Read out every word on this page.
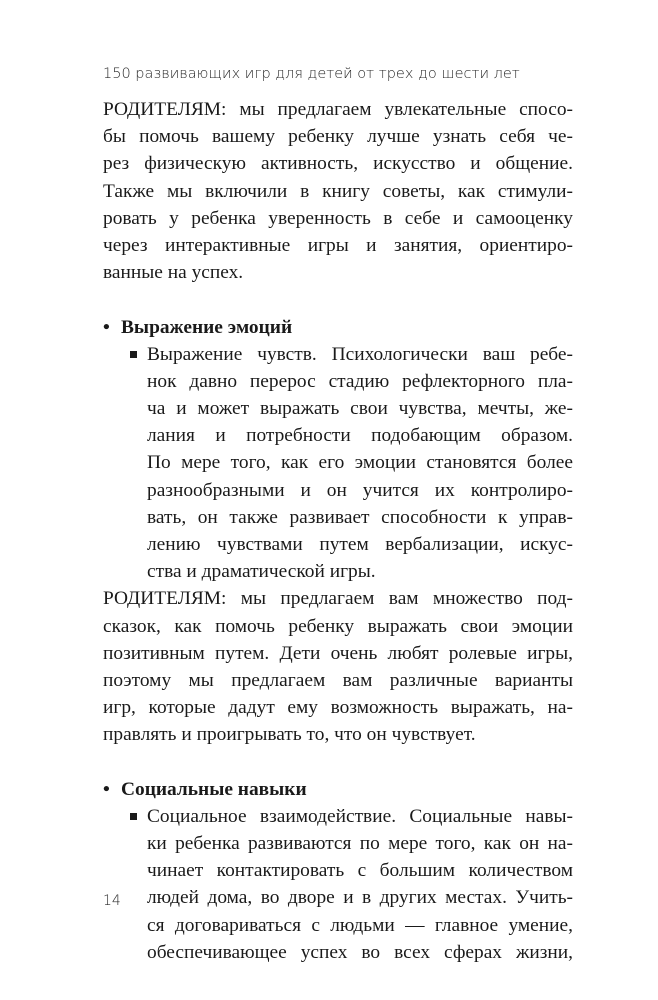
150 развивающих игр для детей от трех до шести лет
РОДИТЕЛЯМ: мы предлагаем увлекательные спосо-
бы помочь вашему ребенку лучше узнать себя че-
рез физическую активность, искусство и общение.
Также мы включили в книгу советы, как стимули-
ровать у ребенка уверенность в себе и самооценку
через интерактивные игры и занятия, ориентиро-
ванные на успех.
• Выражение эмоций
Выражение чувств. Психологически ваш ребе-
нок давно перерос стадию рефлекторного пла-
ча и может выражать свои чувства, мечты, же-
лания и потребности подобающим образом.
По мере того, как его эмоции становятся более
разнообразными и он учится их контролиро-
вать, он также развивает способности к управ-
лению чувствами путем вербализации, искус-
ства и драматической игры.
РОДИТЕЛЯМ: мы предлагаем вам множество под-
сказок, как помочь ребенку выражать свои эмоции
позитивным путем. Дети очень любят ролевые игры,
поэтому мы предлагаем вам различные варианты
игр, которые дадут ему возможность выражать, на-
правлять и проигрывать то, что он чувствует.
• Социальные навыки
Социальное взаимодействие. Социальные навы-
ки ребенка развиваются по мере того, как он на-
чинает контактировать с большим количеством
людей дома, во дворе и в других местах. Учить-
ся договариваться с людьми — главное умение,
обеспечивающее успех во всех сферах жизни,
14
